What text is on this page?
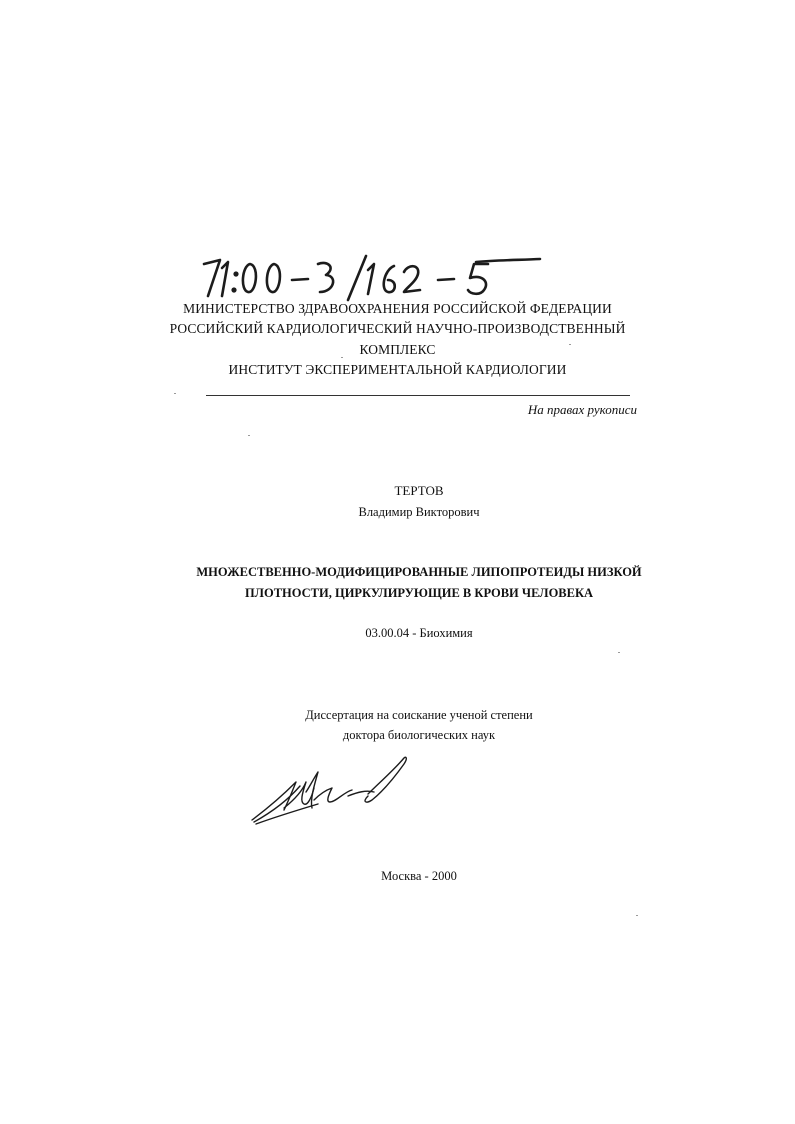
МИНИСТЕРСТВО ЗДРАВООХРАНЕНИЯ РОССИЙСКОЙ ФЕДЕРАЦИИ
РОССИЙСКИЙ КАРДИОЛОГИЧЕСКИЙ НАУЧНО-ПРОИЗВОДСТВЕННЫЙ
КОМПЛЕКС
ИНСТИТУТ ЭКСПЕРИМЕНТАЛЬНОЙ КАРДИОЛОГИИ
На правах рукописи
ТЕРТОВ
Владимир Викторович
МНОЖЕСТВЕННО-МОДИФИЦИРОВАННЫЕ ЛИПОПРОТЕИДЫ НИЗКОЙ
ПЛОТНОСТИ, ЦИРКУЛИРУЮЩИЕ В КРОВИ ЧЕЛОВЕКА
03.00.04 - Биохимия
Диссертация на соискание ученой степени
доктора биологических наук
Москва - 2000
